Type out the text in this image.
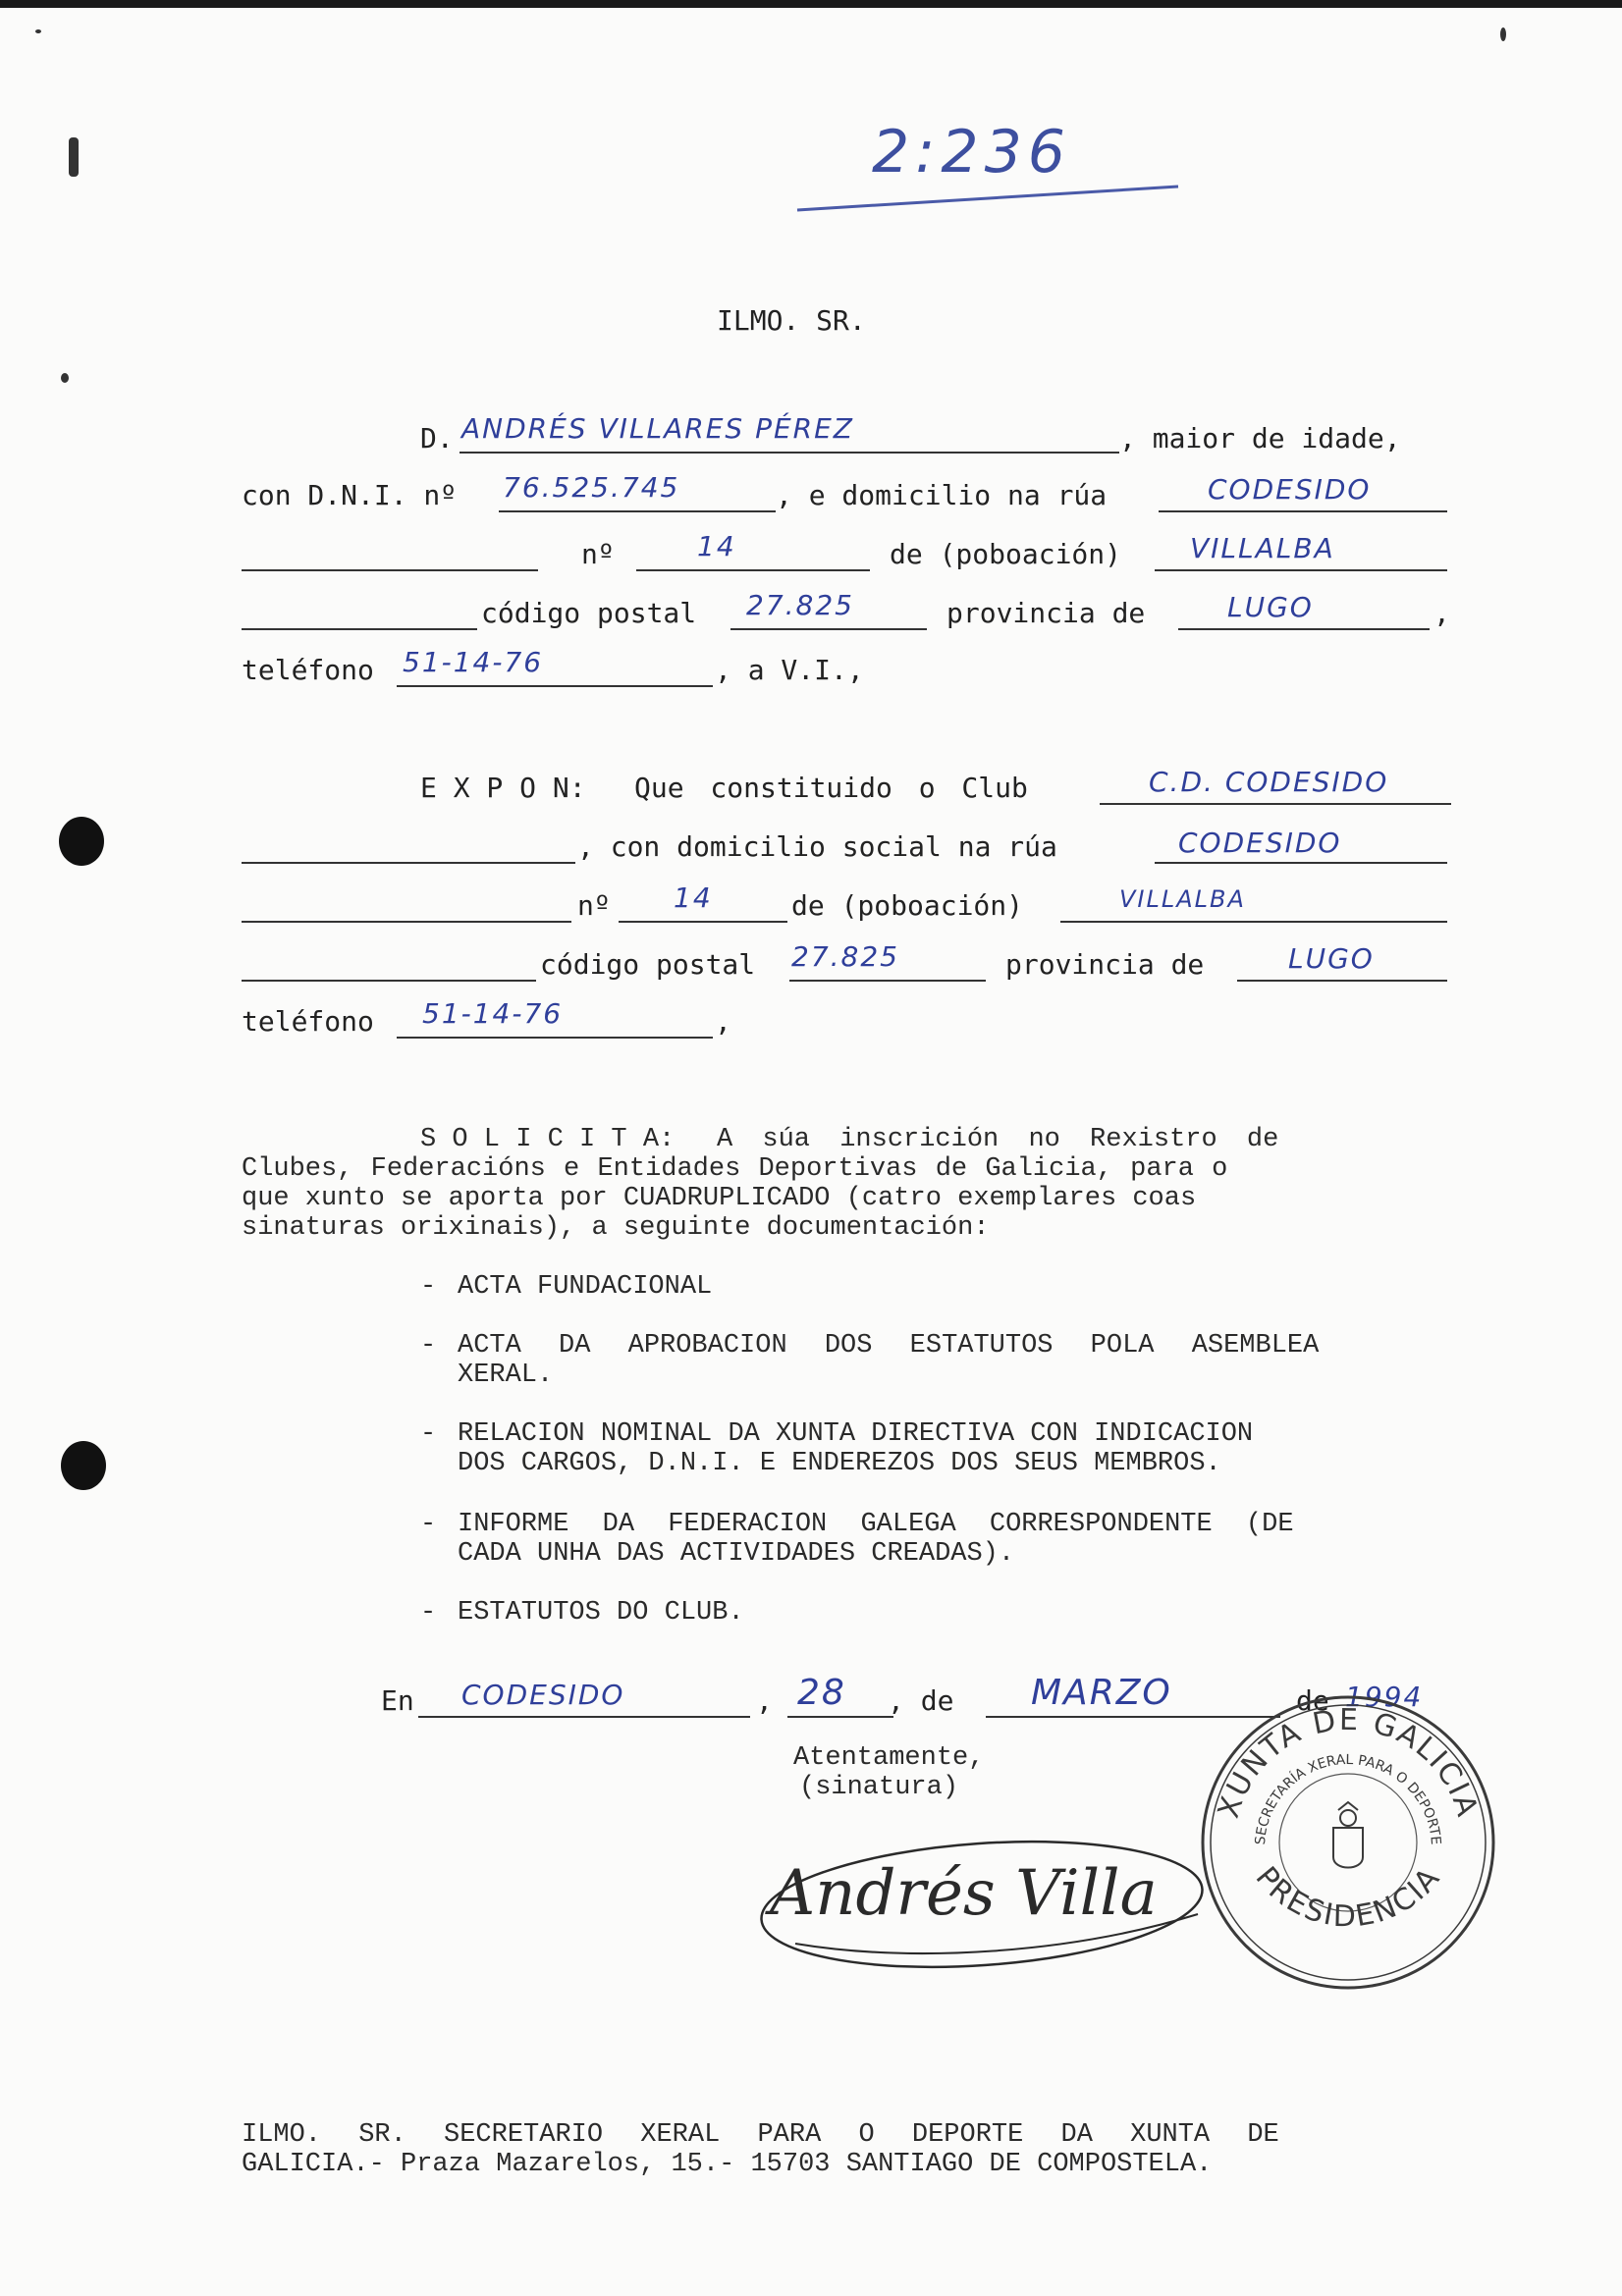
2:236
ILMO. SR.
D. ANDRÉS VILLARES PÉREZ	, maior de idade,
con D.N.I. nº 76.525.745	, e domicilio na rúa	CODESIDO
nº	14	de (poboación) VILLALBA
código postal 27.825	provincia de	LUGO	,
teléfono 51-14-76	, a V.I.,
E X P O N: Que constituido o Club	C.D. CODESIDO
, con domicilio social na rúa	CODESIDO
nº 14	de (poboación)	VILLALBA
código postal 27.825	provincia de	LUGO
teléfono 51-14-76	,
S O L I C I T A: A súa inscrición no Rexistro de
Clubes, Federacións e Entidades Deportivas de Galicia, para o
que xunto se aporta por CUADRUPLICADO (catro exemplares coas
sinaturas orixinais), a seguinte documentación:
- ACTA FUNDACIONAL
- ACTA DA APROBACION DOS ESTATUTOS POLA ASEMBLEA
XERAL.
- RELACION NOMINAL DA XUNTA DIRECTIVA CON INDICACION
DOS CARGOS, D.N.I. E ENDEREZOS DOS SEUS MEMBROS.
- INFORME DA FEDERACION GALEGA CORRESPONDENTE (DE
CADA UNHA DAS ACTIVIDADES CREADAS).
- ESTATUTOS DO CLUB.
En CODESIDO	, 28 , de MARZO	de 1994
Atentamente,
(sinatura)
Andrés Villa
XUNTA DE GALICIA
SECRETARÍA XERAL PARA O DEPORTE
PRESIDENCIA
ILMO. SR. SECRETARIO XERAL PARA O DEPORTE DA XUNTA DE
GALICIA.- Praza Mazarelos, 15.- 15703 SANTIAGO DE COMPOSTELA.
